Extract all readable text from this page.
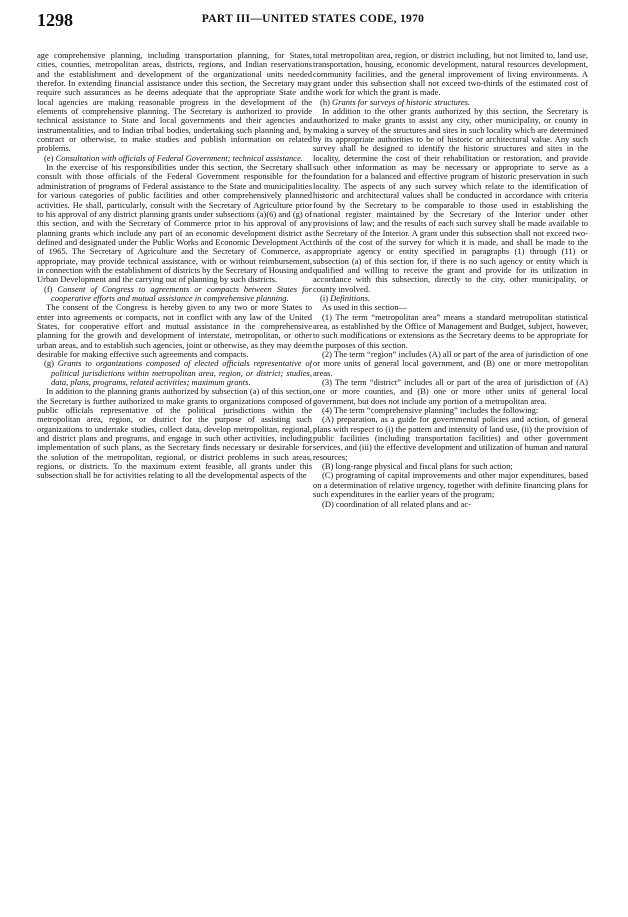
1298	PART III—UNITED STATES CODE, 1970

age comprehensive planning, including transportation planning, for States, cities, counties, metropolitan areas, districts, regions, and Indian reservations and the establishment and development of the organizational units needed therefor. In extending financial assistance under this section, the Secretary may require such assurances as he deems adequate that the appropriate State and local agencies are making reasonable progress in the development of the elements of comprehensive planning. The Secretary is authorized to provide technical assistance to State and local governments and their agencies and instrumentalities, and to Indian tribal bodies, undertaking such planning and, by contract or otherwise, to make studies and publish information on related problems.

(e) Consultation with officials of Federal Government; technical assistance.

In the exercise of his responsibilities under this section, the Secretary shall consult with those officials of the Federal Government responsible for the administration of programs of Federal assistance to the State and municipalities for various categories of public facilities and other comprehensively planned activities. He shall, particularly, consult with the Secretary of Agriculture prior to his approval of any district planning grants under subsections (a)(6) and (g) of this section, and with the Secretary of Commerce prior to his approval of any planning grants which include any part of an economic development district as defined and designated under the Public Works and Economic Development Act of 1965. The Secretary of Agriculture and the Secretary of Commerce, as appropriate, may provide technical assistance, with or without reimbursement, in connection with the establishment of districts by the Secretary of Housing and Urban Development and the carrying out of planning by such districts.

(f) Consent of Congress to agreements or compacts between States for cooperative efforts and mutual assistance in comprehensive planning.

The consent of the Congress is hereby given to any two or more States to enter into agreements or compacts, not in conflict with any law of the United States, for cooperative effort and mutual assistance in the comprehensive planning for the growth and development of interstate, metropolitan, or other urban areas, and to establish such agencies, joint or otherwise, as they may deem desirable for making effective such agreements and compacts.

(g) Grants to organizations composed of elected officials representative of political jurisdictions within metropolitan area, region, or district; studies, data, plans, programs, related activities; maximum grants.

In addition to the planning grants authorized by subsection (a) of this section, the Secretary is further authorized to make grants to organizations composed of public officials representative of the political jurisdictions within the metropolitan area, region, or district for the purpose of assisting such organizations to undertake studies, collect data, develop metropolitan, regional, and district plans and programs, and engage in such other activities, including implementation of such plans, as the Secretary finds necessary or desirable for the solution of the metropolitan, regional, or district problems in such areas, regions, or districts. To the maximum extent feasible, all grants under this subsection shall be for activities relating to all the developmental aspects of the

total metropolitan area, region, or district including, but not limited to, land use, transportation, housing, economic development, natural resources development, community facilities, and the general improvement of living environments. A grant under this subsection shall not exceed two-thirds of the estimated cost of the work for which the grant is made.

(h) Grants for surveys of historic structures.

In addition to the other grants authorized by this section, the Secretary is authorized to make grants to assist any city, other municipality, or county in making a survey of the structures and sites in such locality which are determined by its appropriate authorities to be of historic or architectural value. Any such survey shall be designed to identify the historic structures and sites in the locality, determine the cost of their rehabilitation or restoration, and provide such other information as may be necessary or appropriate to serve as a foundation for a balanced and effective program of historic preservation in such locality. The aspects of any such survey which relate to the identification of historic and architectural values shall be conducted in accordance with criteria found by the Secretary to be comparable to those used in establishing the national register maintained by the Secretary of the Interior under other provisions of law; and the results of each such survey shall be made available to the Secretary of the Interior. A grant under this subsection shall not exceed two-thirds of the cost of the survey for which it is made, and shall be made to the appropriate agency or entity specified in paragraphs (1) through (11) or subsection (a) of this section for, if there is no such agency or entity which is qualified and willing to receive the grant and provide for its utilization in accordance with this subsection, directly to the city, other municipality, or county involved.

(i) Definitions.

As used in this section—

(1) The term “metropolitan area” means a standard metropolitan statistical area, as established by the Office of Management and Budget, subject, however, to such modifications or extensions as the Secretary deems to be appropriate for the purposes of this section.

(2) The term “region” includes (A) all or part of the area of jurisdiction of one or more units of general local government, and (B) one or more metropolitan areas.

(3) The term “district” includes all or part of the area of jurisdiction of (A) one or more counties, and (B) one or more other units of general local government, but does not include any portion of a metropolitan area.

(4) The term “comprehensive planning” includes the following:

(A) preparation, as a guide for governmental policies and action, of general plans with respect to (i) the pattern and intensity of land use, (ii) the provision of public facilities (including transportation facilities) and other government services, and (iii) the effective development and utilization of human and natural resources;

(B) long-range physical and fiscal plans for such action;

(C) programing of capital improvements and other major expenditures, based on a determination of relative urgency, together with definite financing plans for such expenditures in the earlier years of the program;

(D) coordination of all related plans and ac-
